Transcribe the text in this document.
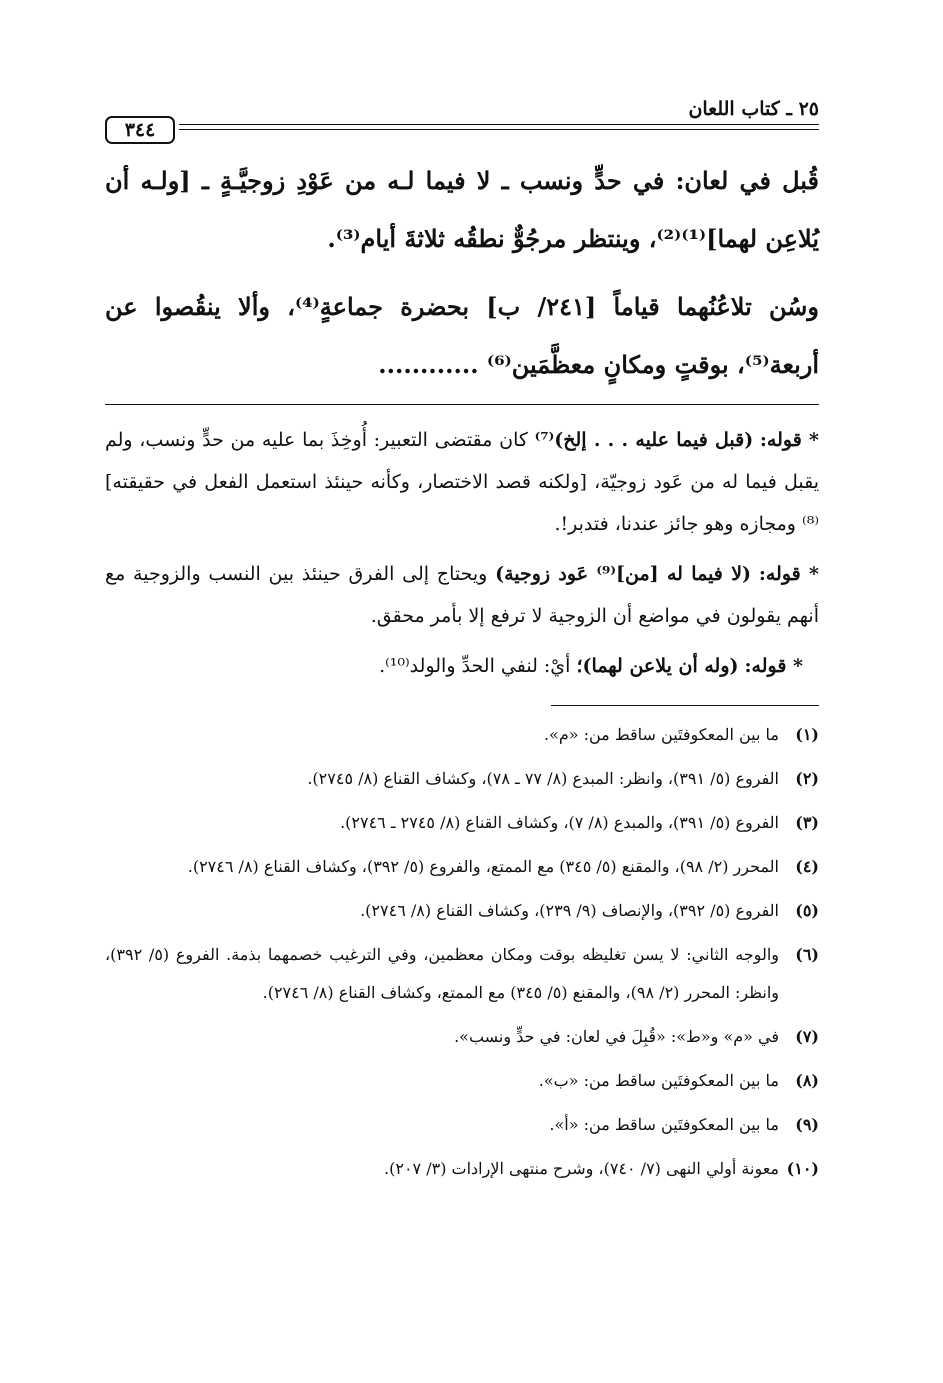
٢٥ ـ كتاب اللعان
٣٤٤

قُبل في لعان: في حدٍّ ونسب ـ لا فيما لـه من عَوْدِ زوجيَّـةٍ ـ [ولـه أن يُلاعِن لهما]⁽¹⁾⁽²⁾، وينتظر مرجُوٌّ نطقُه ثلاثةَ أيام⁽³⁾.

وسُن تلاعُنُهما قياماً [٢٤١/ ب] بحضرة جماعةٍ⁽⁴⁾، وألا ينقُصوا عن أربعة⁽⁵⁾، بوقتٍ ومكانٍ معظَّمَين⁽⁶⁾ ............

* قوله: (قبل فيما عليه . . . إلخ)⁽⁷⁾ كان مقتضى التعبير: أُوخِذَ بما عليه من حدٍّ ونسب، ولم يقبل فيما له من عَود زوجيّة، [ولكنه قصد الاختصار، وكأنه حينئذ استعمل الفعل في حقيقته]⁽⁸⁾ ومجازه وهو جائز عندنا، فتدبر!.

* قوله: (لا فيما له [من]⁽⁹⁾ عَود زوجية) ويحتاج إلى الفرق حينئذ بين النسب والزوجية مع أنهم يقولون في مواضع أن الزوجية لا ترفع إلا بأمر محقق.

* قوله: (وله أن يلاعن لهما)؛ أيْ: لنفي الحدِّ والولد⁽¹⁰⁾.

(١)
ما بين المعكوفتَين ساقط من: «م».
(٢)
الفروع (٥/ ٣٩١)، وانظر: المبدع (٨/ ٧٧ ـ ٧٨)، وكشاف القناع (٨/ ٢٧٤٥).
(٣)
الفروع (٥/ ٣٩١)، والمبدع (٨/ ٧)، وكشاف القناع (٨/ ٢٧٤٥ ـ ٢٧٤٦).
(٤)
المحرر (٢/ ٩٨)، والمقنع (٥/ ٣٤٥) مع الممتع، والفروع (٥/ ٣٩٢)، وكشاف القناع (٨/ ٢٧٤٦).
(٥)
الفروع (٥/ ٣٩٢)، والإنصاف (٩/ ٢٣٩)، وكشاف القناع (٨/ ٢٧٤٦).
(٦)
والوجه الثاني: لا يسن تغليظه بوقت ومكان معظمين، وفي الترغيب خصمهما بذمة. الفروع (٥/ ٣٩٢)، وانظر: المحرر (٢/ ٩٨)، والمقنع (٥/ ٣٤٥) مع الممتع، وكشاف القناع (٨/ ٢٧٤٦).
(٧)
في «م» و«ط»: «قُبِلَ في لعان: في حدٍّ ونسب».
(٨)
ما بين المعكوفتَين ساقط من: «ب».
(٩)
ما بين المعكوفتَين ساقط من: «أ».
(١٠)
معونة أولي النهى (٧/ ٧٤٠)، وشرح منتهى الإرادات (٣/ ٢٠٧).
